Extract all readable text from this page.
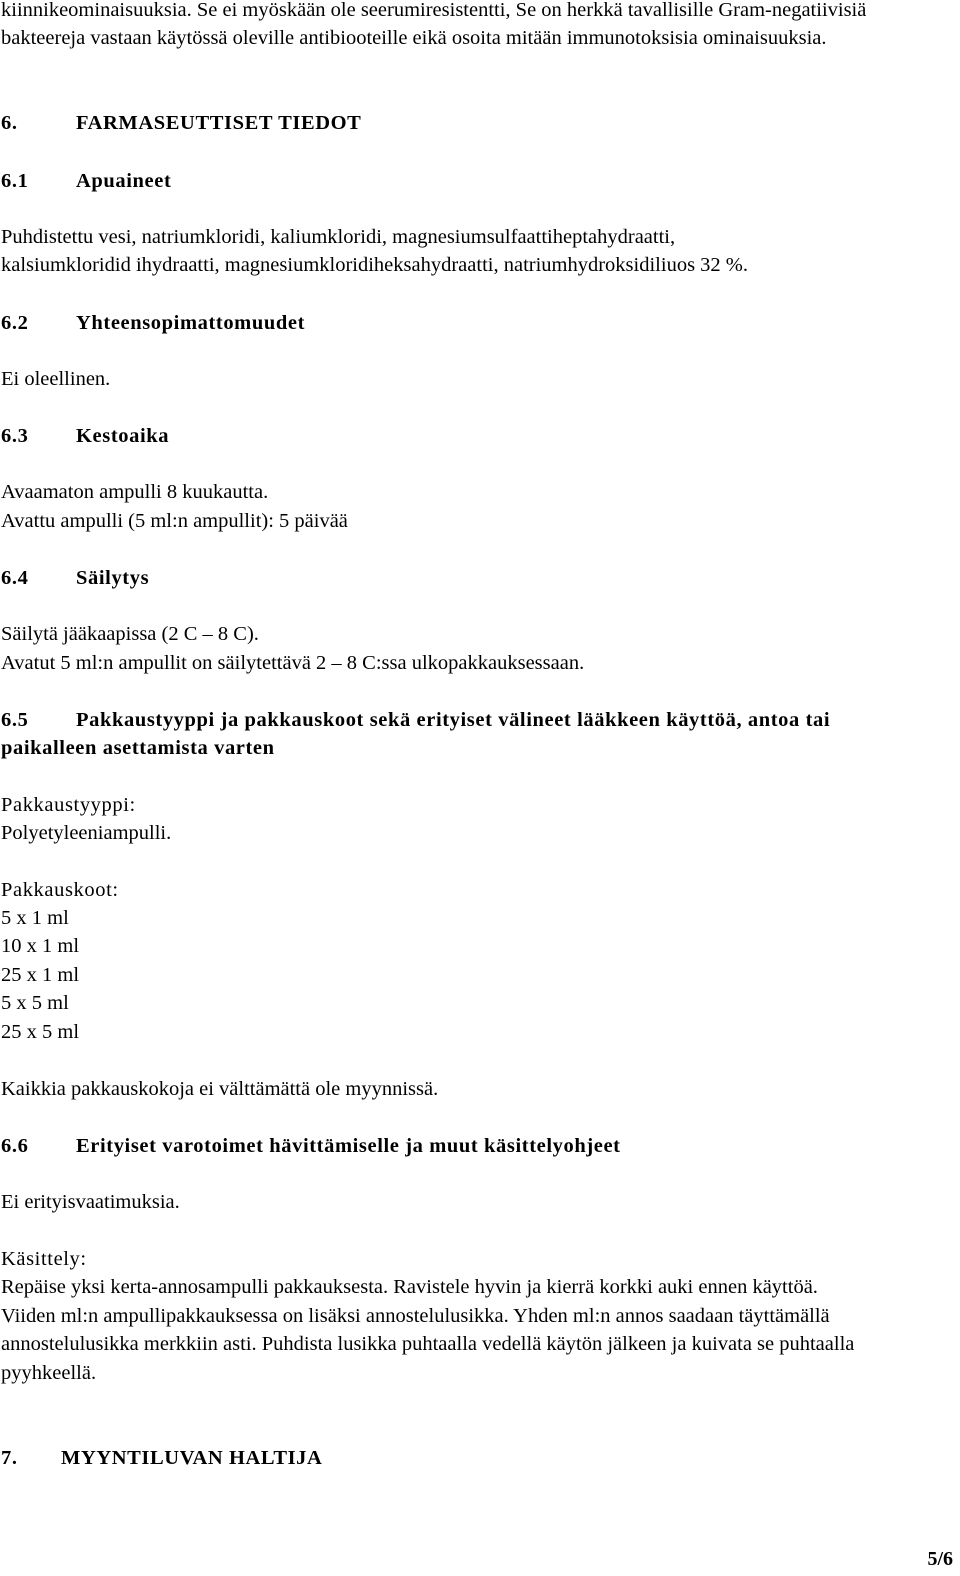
kiinnikeominaisuuksia. Se ei myöskään ole seerumiresistentti, Se on herkkä tavallisille Gram-negatiivisiä

bakteereja vastaan käytössä oleville antibiooteille eikä osoita mitään immunotoksisia ominaisuuksia.

6.	FARMASEUTTISET TIEDOT

6.1 Apuaineet

Puhdistettu vesi, natriumkloridi, kaliumkloridi, magnesiumsulfaattiheptahydraatti,

kalsiumkloridid ihydraatti, magnesiumkloridiheksahydraatti, natriumhydroksidiliuos 32 %.

6.2 Yhteensopimattomuudet

Ei oleellinen.

6.3 Kestoaika

Avaamaton ampulli 8 kuukautta.

Avattu ampulli (5 ml:n ampullit): 5 päivää

6.4 Säilytys

Säilytä jääkaapissa (2 C – 8 C).

Avatut 5 ml:n ampullit on säilytettävä 2 – 8 C:ssa ulkopakkauksessaan.

6.5 Pakkaustyyppi ja pakkauskoot sekä erityiset välineet lääkkeen käyttöä, antoa tai

paikalleen asettamista varten

Pakkaustyyppi:

Polyetyleeniampulli.

Pakkauskoot:

5 x 1 ml

10 x 1 ml

25 x 1 ml

5 x 5 ml

25 x 5 ml

Kaikkia pakkauskokoja ei välttämättä ole myynnissä.

6.6 Erityiset varotoimet hävittämiselle ja muut käsittelyohjeet

Ei erityisvaatimuksia.

Käsittely:

Repäise yksi kerta-annosampulli pakkauksesta. Ravistele hyvin ja kierrä korkki auki ennen käyttöä.

Viiden ml:n ampullipakkauksessa on lisäksi annostelulusikka. Yhden ml:n annos saadaan täyttämällä

annostelulusikka merkkiin asti. Puhdista lusikka puhtaalla vedellä käytön jälkeen ja kuivata se puhtaalla

pyyhkeellä.

7. MYYNTILUVAN HALTIJA

5/6
